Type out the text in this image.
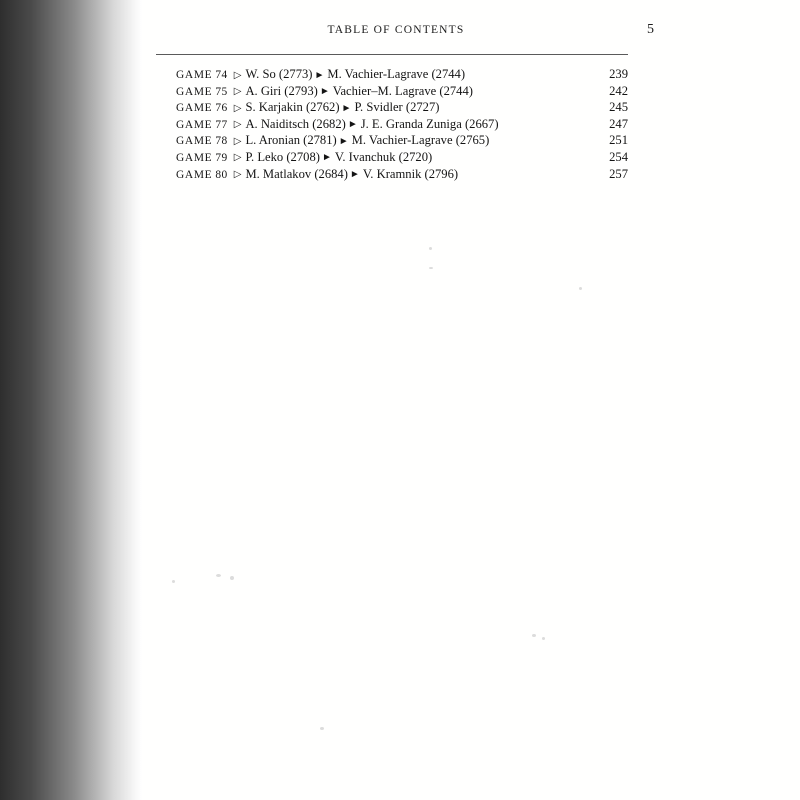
TABLE OF CONTENTS	5
GAME 74 ▷ W. So (2773) ► M. Vachier-Lagrave (2744)	239
GAME 75 ▷ A. Giri (2793) ► Vachier–M. Lagrave (2744)	242
GAME 76 ▷ S. Karjakin (2762) ► P. Svidler (2727)	245
GAME 77 ▷ A. Naiditsch (2682) ► J. E. Granda Zuniga (2667)	247
GAME 78 ▷ L. Aronian (2781) ► M. Vachier-Lagrave (2765)	251
GAME 79 ▷ P. Leko (2708) ► V. Ivanchuk (2720)	254
GAME 80 ▷ M. Matlakov (2684) ► V. Kramnik (2796)	257
